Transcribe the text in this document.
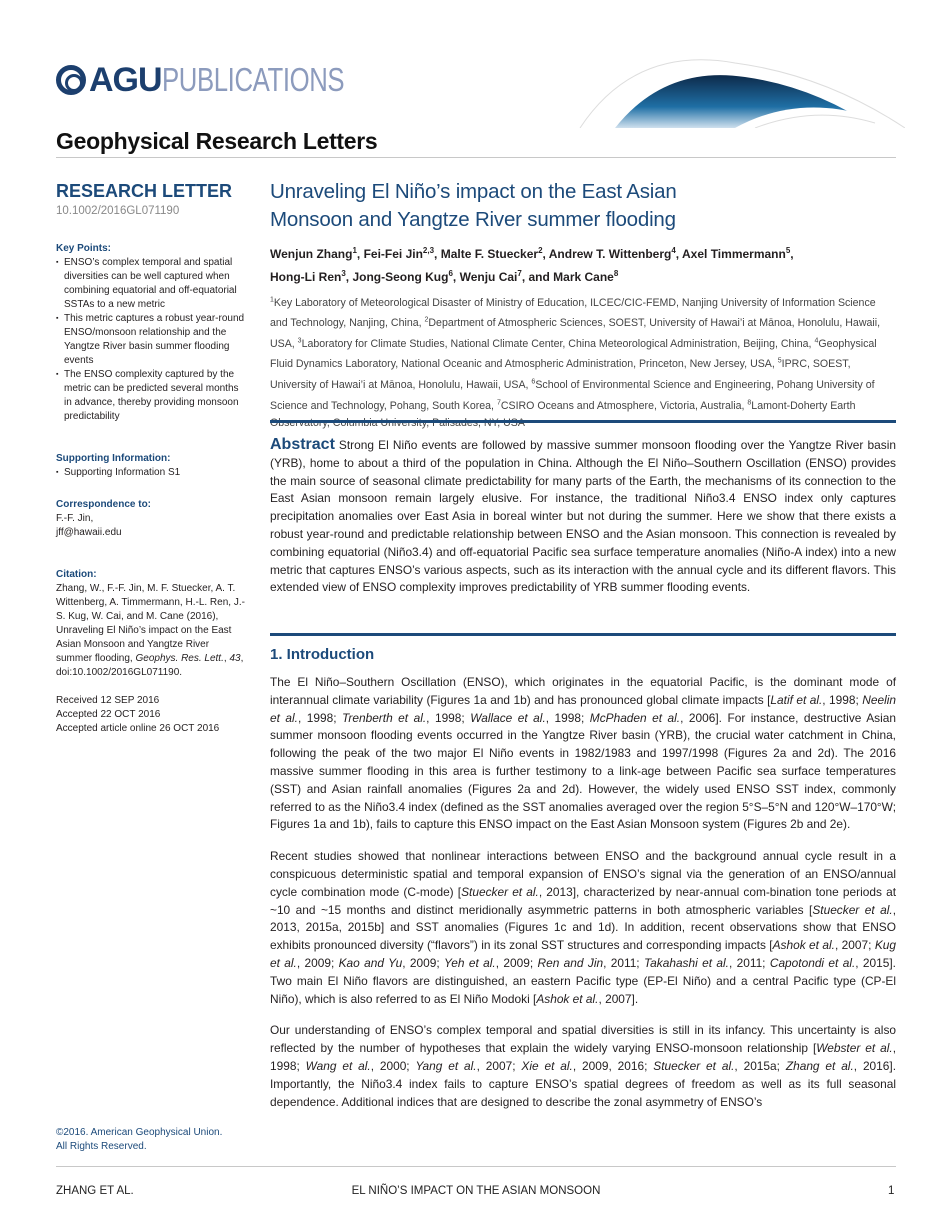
AGU PUBLICATIONS
Geophysical Research Letters
RESEARCH LETTER
10.1002/2016GL071190
Key Points:
▪ ENSO’s complex temporal and spatial diversities can be well captured when combining equatorial and off-equatorial SSTAs to a new metric
▪ This metric captures a robust year-round ENSO/monsoon relationship and the Yangtze River basin summer flooding events
▪ The ENSO complexity captured by the metric can be predicted several months in advance, thereby providing monsoon predictability
Supporting Information:
▪ Supporting Information S1
Correspondence to:
F.-F. Jin,
jff@hawaii.edu
Citation:
Zhang, W., F.-F. Jin, M. F. Stuecker, A. T. Wittenberg, A. Timmermann, H.-L. Ren, J.-S. Kug, W. Cai, and M. Cane (2016), Unraveling El Niño’s impact on the East Asian Monsoon and Yangtze River summer flooding, Geophys. Res. Lett., 43, doi:10.1002/2016GL071190.
Received 12 SEP 2016
Accepted 22 OCT 2016
Accepted article online 26 OCT 2016
©2016. American Geophysical Union.
All Rights Reserved.
Unraveling El Niño’s impact on the East Asian
Monsoon and Yangtze River summer flooding
Wenjun Zhang$^1$, Fei-Fei Jin$^{2,3}$, Malte F. Stuecker$^2$, Andrew T. Wittenberg$^4$, Axel Timmermann$^5$,
Hong-Li Ren$^3$, Jong-Seong Kug$^6$, Wenju Cai$^7$, and Mark Cane$^8$
$^1$Key Laboratory of Meteorological Disaster of Ministry of Education, ILCEC/CIC-FEMD, Nanjing University of Information Science and Technology, Nanjing, China, $^2$Department of Atmospheric Sciences, SOEST, University of Hawai’i at Mānoa, Honolulu, Hawaii, USA, $^3$Laboratory for Climate Studies, National Climate Center, China Meteorological Administration, Beijing, China, $^4$Geophysical Fluid Dynamics Laboratory, National Oceanic and Atmospheric Administration, Princeton, New Jersey, USA, $^5$IPRC, SOEST, University of Hawai’i at Mānoa, Honolulu, Hawaii, USA, $^6$School of Environmental Science and Engineering, Pohang University of Science and Technology, Pohang, South Korea, $^7$CSIRO Oceans and Atmosphere, Victoria, Australia, $^8$Lamont-Doherty Earth
Abstract Strong El Niño events are followed by massive summer monsoon flooding over the Yangtze River basin (YRB), home to about a third of the population in China. Although the El Niño–Southern Oscillation (ENSO) provides the main source of seasonal climate predictability for many parts of the Earth, the mechanisms of its connection to the East Asian monsoon remain largely elusive. For instance, the traditional Niño3.4 ENSO index only captures precipitation anomalies over East Asia in boreal winter but not during the summer. Here we show that there exists a robust year-round and predictable relationship between ENSO and the Asian monsoon. This connection is revealed by combining equatorial (Niño3.4) and off-equatorial Pacific sea surface temperature anomalies (Niño-A index) into a new metric that captures ENSO’s various aspects, such as its interaction with the annual cycle and its different flavors. This extended view of ENSO complexity improves predictability of YRB summer flooding events.
1. Introduction

The El Niño–Southern Oscillation (ENSO), which originates in the equatorial Pacific, is the dominant mode of interannual climate variability (Figures 1a and 1b) and has pronounced global climate impacts [Latif et al., 1998; Neelin et al., 1998; Trenberth et al., 1998; Wallace et al., 1998; McPhaden et al., 2006]. For instance, destructive Asian summer monsoon flooding events occurred in the Yangtze River basin (YRB), the crucial water catchment in China, following the peak of the two major El Niño events in 1982/1983 and 1997/1998 (Figures 2a and 2d). The 2016 massive summer flooding in this area is further testimony to a link-age between Pacific sea surface temperatures (SST) and Asian rainfall anomalies (Figures 2a and 2d). However, the widely used ENSO SST index, commonly referred to as the Niño3.4 index (defined as the SST anomalies averaged over the region 5°S–5°N and 120°W–170°W; Figures 1a and 1b), fails to capture this ENSO impact on the East Asian Monsoon system (Figures 2b and 2e).

Recent studies showed that nonlinear interactions between ENSO and the background annual cycle result in a conspicuous deterministic spatial and temporal expansion of ENSO’s signal via the generation of an ENSO/annual cycle combination mode (C-mode) [Stuecker et al., 2013], characterized by near-annual com-bination tone periods at ~10 and ~15 months and distinct meridionally asymmetric patterns in both atmospheric variables [Stuecker et al., 2013, 2015a, 2015b] and SST anomalies (Figures 1c and 1d). In addition, recent observations show that ENSO exhibits pronounced diversity (“flavors”) in its zonal SST structures and corresponding impacts [Ashok et al., 2007; Kug et al., 2009; Kao and Yu, 2009; Yeh et al., 2009; Ren and Jin, 2011; Takahashi et al., 2011; Capotondi et al., 2015]. Two main El Niño flavors are distinguished, an eastern Pacific type (EP-El Niño) and a central Pacific type (CP-El Niño), which is also referred to as El Niño Modoki [Ashok et al., 2007].

Our understanding of ENSO’s complex temporal and spatial diversities is still in its infancy. This uncertainty is also reflected by the number of hypotheses that explain the widely varying ENSO-monsoon relationship [Webster et al., 1998; Wang et al., 2000; Yang et al., 2007; Xie et al., 2009, 2016; Stuecker et al., 2015a; Zhang et al., 2016]. Importantly, the Niño3.4 index fails to capture ENSO’s spatial degrees of freedom as well as its full seasonal dependence. Additional indices that are designed to describe the zonal asymmetry of ENSO’s

ZHANG ET AL.	EL NIÑO’S IMPACT ON THE ASIAN MONSOON	1
